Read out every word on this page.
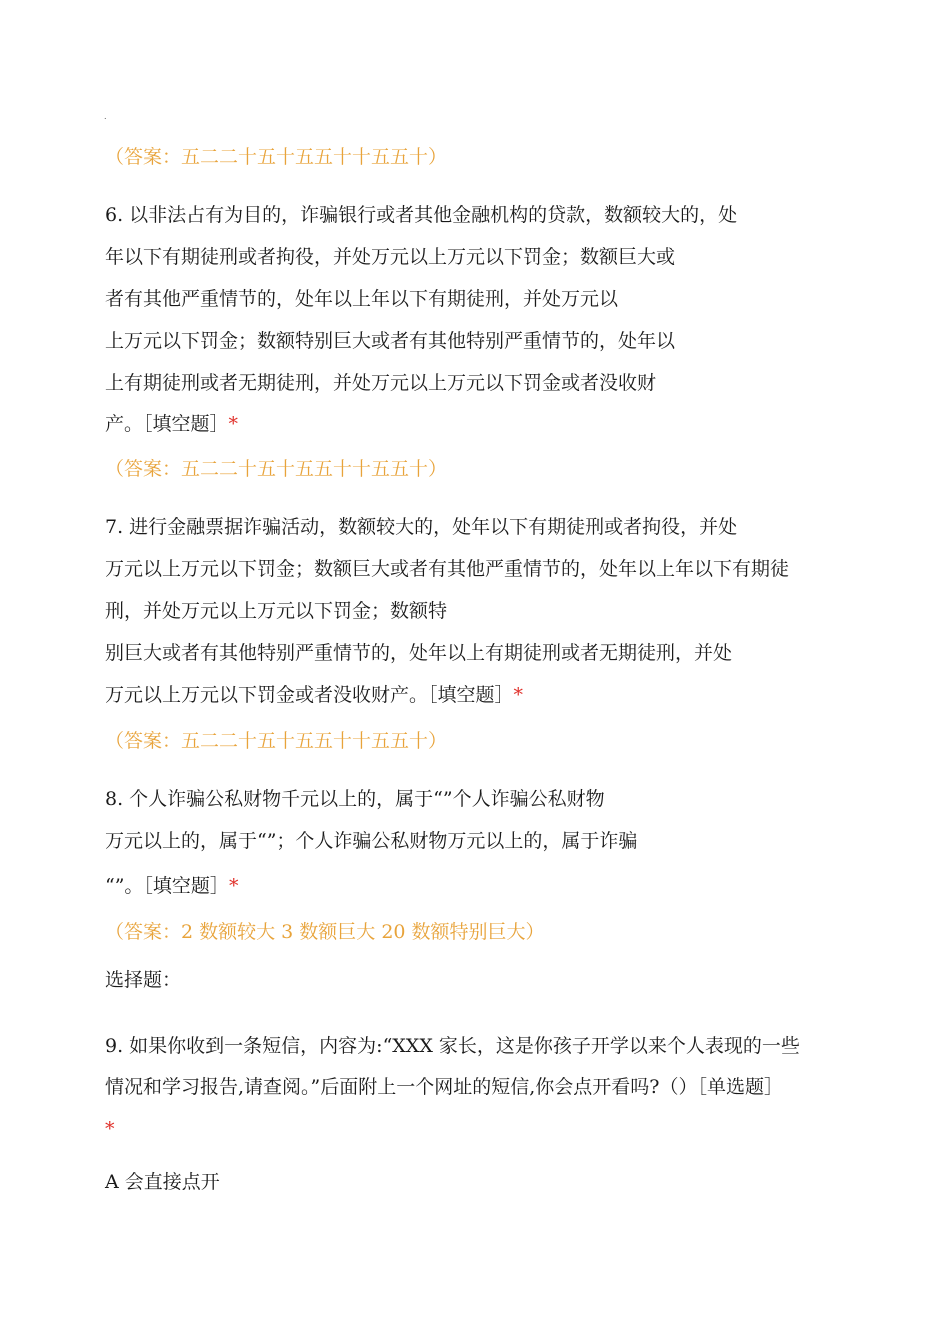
.
（答案：五二二十五十五五十十五五十）
6. 以非法占有为目的，诈骗银行或者其他金融机构的贷款，数额较大的，处
年以下有期徒刑或者拘役，并处万元以上万元以下罚金；数额巨大或
者有其他严重情节的，处年以上年以下有期徒刑，并处万元以
上万元以下罚金；数额特别巨大或者有其他特别严重情节的，处年以
上有期徒刑或者无期徒刑，并处万元以上万元以下罚金或者没收财
产。［填空题］*
（答案：五二二十五十五五十十五五十）
7. 进行金融票据诈骗活动，数额较大的，处年以下有期徒刑或者拘役，并处
万元以上万元以下罚金；数额巨大或者有其他严重情节的，处年以上年以下有期徒
刑，并处万元以上万元以下罚金；数额特
别巨大或者有其他特别严重情节的，处年以上有期徒刑或者无期徒刑，并处
万元以上万元以下罚金或者没收财产。［填空题］*
（答案：五二二十五十五五十十五五十）
8. 个人诈骗公私财物千元以上的，属于“”个人诈骗公私财物
万元以上的，属于“”；个人诈骗公私财物万元以上的，属于诈骗
“”。［填空题］*
（答案：2 数额较大 3 数额巨大 20 数额特别巨大）
选择题：
9. 如果你收到一条短信，内容为:“XXX 家长，这是你孩子开学以来个人表现的一些
情况和学习报告,请查阅。”后面附上一个网址的短信,你会点开看吗?（）［单选题］
*
A 会直接点开
